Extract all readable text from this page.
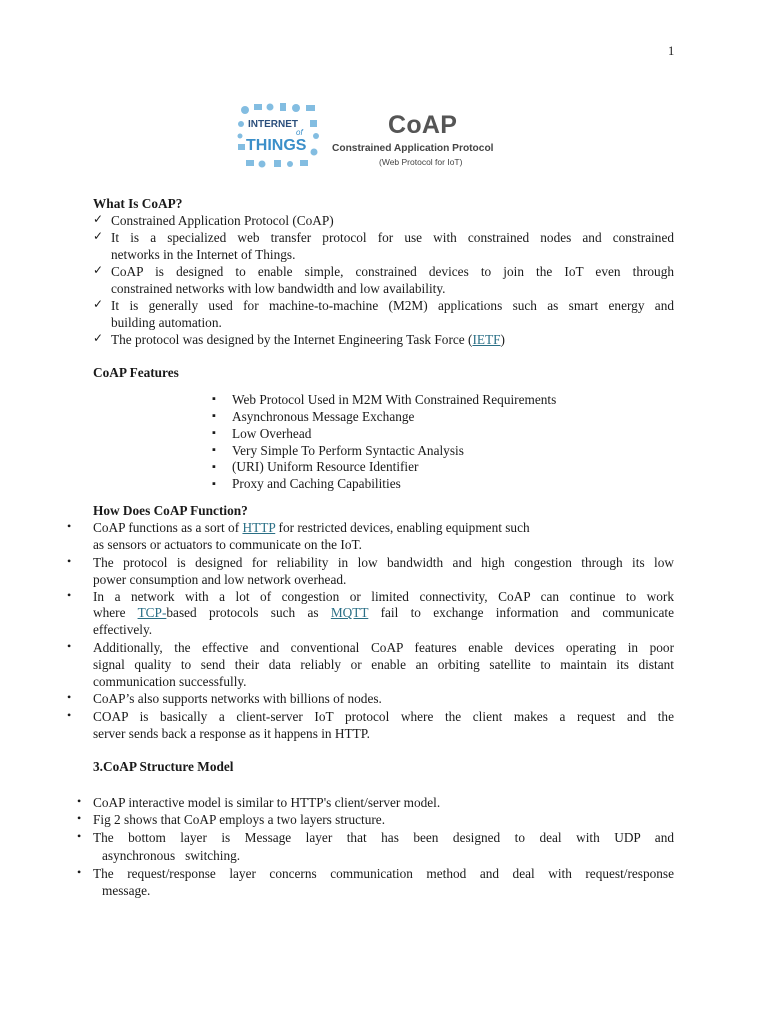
1
INTERNET
of
THINGS
CoAP
Constrained Application Protocol
(Web Protocol for IoT)
What Is CoAP?
✓ Constrained Application Protocol (CoAP)
✓ It is a specialized web transfer protocol for use with constrained nodes and constrained
networks in the Internet of Things.
✓ CoAP is designed to enable simple, constrained devices to join the IoT even through
constrained networks with low bandwidth and low availability.
✓ It is generally used for machine-to-machine (M2M) applications such as smart energy and
building automation.
✓ The protocol was designed by the Internet Engineering Task Force (IETF)
CoAP Features
▪ Web Protocol Used in M2M With Constrained Requirements
▪ Asynchronous Message Exchange
▪ Low Overhead
▪ Very Simple To Perform Syntactic Analysis
▪ (URI) Uniform Resource Identifier
▪ Proxy and Caching Capabilities
How Does CoAP Function?
• CoAP functions as a sort of HTTP for restricted devices, enabling equipment such
as sensors or actuators to communicate on the IoT.
• The protocol is designed for reliability in low bandwidth and high congestion through its low
power consumption and low network overhead.
• In a network with a lot of congestion or limited connectivity, CoAP can continue to work
where TCP-based protocols such as MQTT fail to exchange information and communicate
effectively.
• Additionally, the effective and conventional CoAP features enable devices operating in poor
signal quality to send their data reliably or enable an orbiting satellite to maintain its distant
communication successfully.
• CoAP’s also supports networks with billions of nodes.
• COAP is basically a client-server IoT protocol where the client makes a request and the
server sends back a response as it happens in HTTP.
3.CoAP Structure Model
• CoAP interactive model is similar to HTTP's client/server model.
• Fig 2 shows that CoAP employs a two layers structure.
• The bottom layer is Message layer that has been designed to deal with UDP and
asynchronous   switching.
• The request/response layer concerns communication method and deal with request/response
message.
